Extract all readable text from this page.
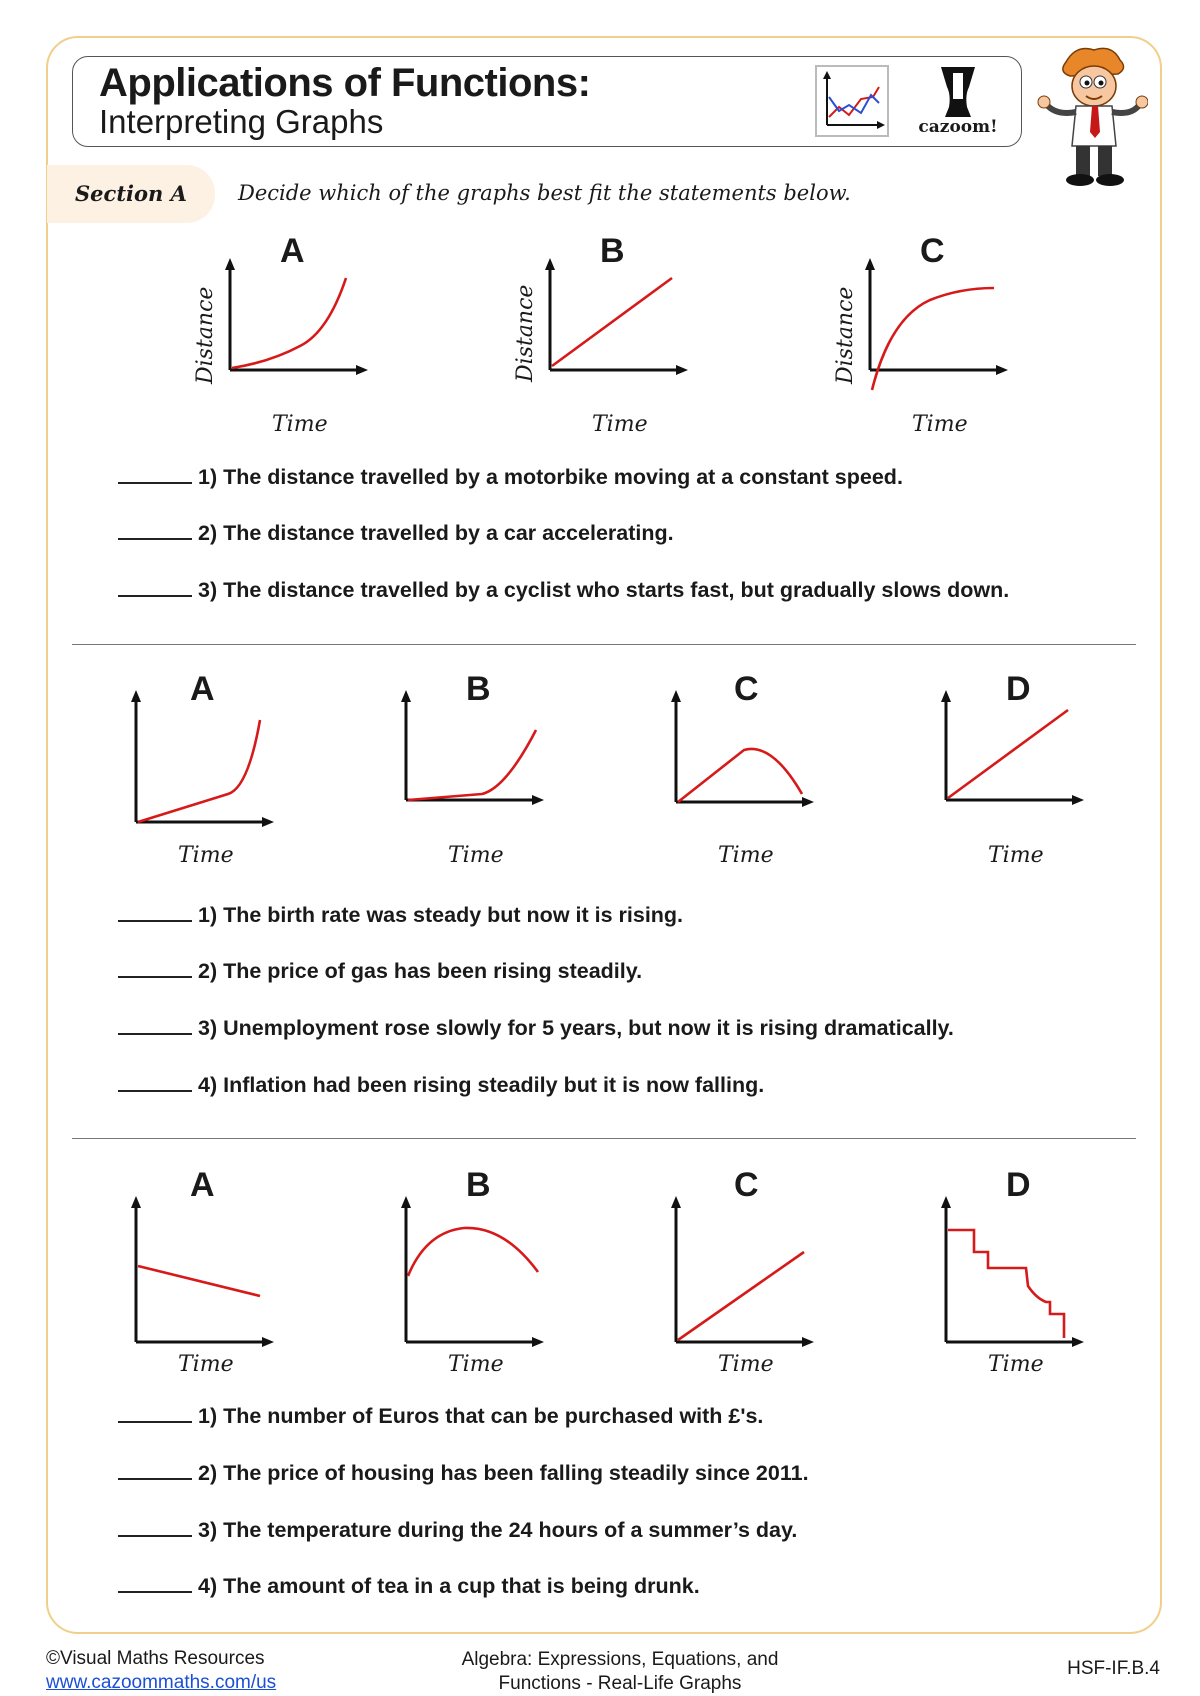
Applications of Functions:
Interpreting Graphs	cazoom!
Section A Decide which of the graphs best fit the statements below.
A
Distance
Time
B
Distance
Time
C
Distance
Time
1) The distance travelled by a motorbike moving at a constant speed.
2) The distance travelled by a car accelerating.
3) The distance travelled by a cyclist who starts fast, but gradually slows down.
A
Time
B
Time
C
Time
D
Time
1) The birth rate was steady but now it is rising.
2) The price of gas has been rising steadily.
3) Unemployment rose slowly for 5 years, but now it is rising dramatically.
4) Inflation had been rising steadily but it is now falling.
A
Time
B
Time
C
Time
D
Time
1) The number of Euros that can be purchased with £'s.
2) The price of housing has been falling steadily since 2011.
3) The temperature during the 24 hours of a summer’s day.
4) The amount of tea in a cup that is being drunk.
©Visual Maths Resources
www.cazoommaths.com/us
Algebra: Expressions, Equations, and
Functions - Real-Life Graphs
HSF-IF.B.4
